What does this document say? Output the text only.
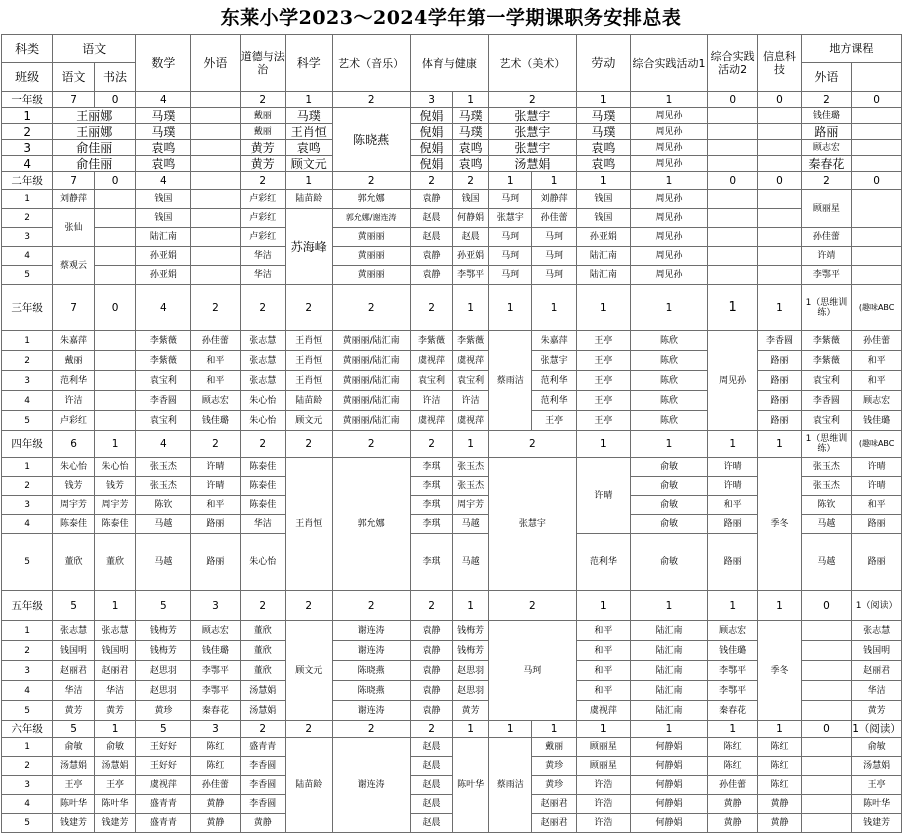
东莱小学2023～2024学年第一学期课职务安排总表
科类	语文		数学	外语	道德与法治	科学	艺术（音乐）	体育与健康		艺术（美术）		劳动	综合实践活动1	综合实践活动2	信息科技	地方课程	
班级	语文	书法														外语	
一年级	7	0	4		2	1	2	3	1	2		1	1	0	0	2	0
1	王丽娜		马璞		戴丽	马璞	陈晓燕	倪娟	马璞	张慧宇		马璞	周见孙			钱佳璐	
2	王丽娜		马璞		戴丽	王肖恒		倪娟	马璞	张慧宇		马璞	周见孙			路丽	
3	俞佳丽		袁鸣		黄芳	袁鸣		倪娟	袁鸣	张慧宇		袁鸣	周见孙			顾志宏	
4	俞佳丽		袁鸣		黄芳	顾文元		倪娟	袁鸣	汤慧娟		袁鸣	周见孙			秦春花	
二年级	7	0	4		2	1	2	2	2	1	1	1	1	0	0	2	0
1	刘静萍		钱国		卢彩红	陆苗龄	郭允娜	袁静	钱国	马珂	刘静萍	钱国	周见孙			顾丽星	
2	张仙		钱国		卢彩红	苏海峰	郭允娜/谢连涛	赵晨	何静娟	张慧宇	孙佳蕾	钱国	周见孙				
3			陆汇南		卢彩红		黄丽丽	赵晨	赵晨	马珂	马珂	孙亚娟	周见孙			孙佳蕾	
4	蔡观云		孙亚娟		华洁		黄丽丽	袁静	孙亚娟	马珂	马珂	陆汇南	周见孙			许靖	
5			孙亚娟		华洁		黄丽丽	袁静	李鄂平	马珂	马珂	陆汇南	周见孙			李鄂平	
三年级	7	0	4	2	2	2	2	2	1	1	1	1	1	1	1	1（思维训练）	(趣味ABC
1	朱嘉萍		李紫薇	孙佳蕾	张志慧	王肖恒	黄丽丽/陆汇南	李紫薇	李紫薇	蔡雨洁	朱嘉萍	王亭	陈欣	周见孙	李香圆	李紫薇	孙佳蕾
2	戴丽		李紫薇	和平	张志慧	王肖恒	黄丽丽/陆汇南	虞视萍	虞视萍		张慧宇	王亭	陈欣		路丽	李紫薇	和平
3	范利华		袁宝利	和平	张志慧	王肖恒	黄丽丽/陆汇南	袁宝利	袁宝利		范利华	王亭	陈欣		路丽	袁宝利	和平
4	许洁		李香圆	顾志宏	朱心怡	陆苗龄	黄丽丽/陆汇南	许洁	许洁		范利华	王亭	陈欣		路丽	李香圆	顾志宏
5	卢彩红		袁宝利	钱佳璐	朱心怡	顾文元	黄丽丽/陆汇南	虞视萍	虞视萍		王亭	王亭	陈欣		路丽	袁宝利	钱佳璐
四年级	6	1	4	2	2	2	2	2	1	2		1	1	1	1	1（思维训练）	(趣味ABC
1	朱心怡	朱心怡	张玉杰	许晴	陈泰佳	王肖恒	郭允娜	李琪	张玉杰	张慧宇		许晴	俞敏	许晴	季冬	张玉杰	许晴
2	钱芳	钱芳	张玉杰	许晴	陈泰佳			李琪	张玉杰				俞敏	许晴		张玉杰	许晴
3	周宇芳	周宇芳	陈钦	和平	陈泰佳			李琪	周宇芳				俞敏	和平		陈钦	和平
4	陈泰佳	陈泰佳	马越	路丽	华洁			李琪	马越				俞敏	路丽		马越	路丽
5	董欣	董欣	马越	路丽	朱心怡			李琪	马越			范利华	俞敏	路丽		马越	路丽
五年级	5	1	5	3	2	2	2	2	1	2		1	1	1	1	0	1（阅读）
1	张志慧	张志慧	钱梅芳	顾志宏	董欣	顾文元	谢连涛	袁静	钱梅芳	马珂		和平	陆汇南	顾志宏	季冬		张志慧
2	钱国明	钱国明	钱梅芳	钱佳璐	董欣		谢连涛	袁静	钱梅芳			和平	陆汇南	钱佳璐			钱国明
3	赵丽君	赵丽君	赵思羽	李鄂平	董欣		陈晓燕	袁静	赵思羽			和平	陆汇南	李鄂平			赵丽君
4	华洁	华洁	赵思羽	李鄂平	汤慧娟		陈晓燕	袁静	赵思羽			和平	陆汇南	李鄂平			华洁
5	黄芳	黄芳	黄珍	秦春花	汤慧娟		谢连涛	袁静	黄芳			虞视萍	陆汇南	秦春花			黄芳
六年级	5	1	5	3	2	2	2	2	1	1	1	1	1	1	1	0	1（阅读）
1	俞敏	俞敏	王好好	陈红	盛青青	陆苗龄	谢连涛	赵晨	陈叶华	蔡雨洁	戴丽	顾丽星	何静娟	陈红	陈红		俞敏
2	汤慧娟	汤慧娟	王好好	陈红	李香圆			赵晨			黄珍	顾丽星	何静娟	陈红	陈红		汤慧娟
3	王亭	王亭	虞视萍	孙佳蕾	李香圆			赵晨			黄珍	许浩	何静娟	孙佳蕾	陈红		王亭
4	陈叶华	陈叶华	盛青青	黄静	李香圆			赵晨			赵丽君	许浩	何静娟	黄静	黄静		陈叶华
5	钱建芳	钱建芳	盛青青	黄静	黄静			赵晨			赵丽君	许浩	何静娟	黄静	黄静		钱建芳
